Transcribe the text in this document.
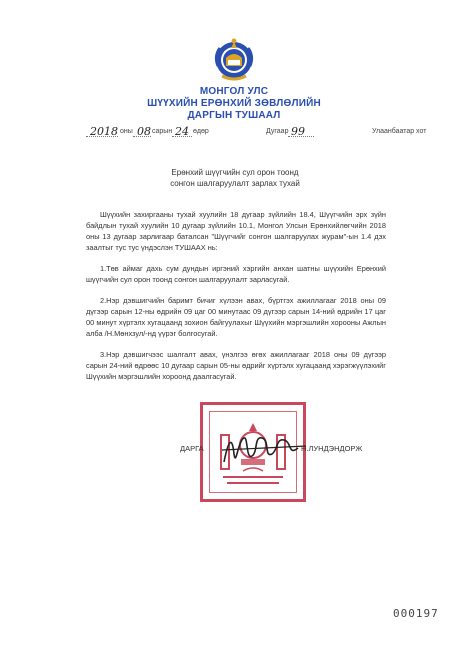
МОНГОЛ УЛС
ШҮҮХИЙН ЕРӨНХИЙ ЗӨВЛӨЛИЙН
ДАРГЫН ТУШААЛ
2018 оны 08 сарын 24 өдөр	Дугаар 99	Улаанбаатар хот
Ерөнхий шүүгчийн сул орон тоонд
сонгон шалгаруулалт зарлах тухай

Шүүхийн захиргааны тухай хуулийн 18 дугаар зүйлийн 18.4, Шүүгчийн эрх зүйн байдлын тухай хуулийн 10 дугаар зүйлийн 10.1, Монгол Улсын Ерөнхийлөгчийн 2018 оны 13 дугаар зарлигаар баталсан "Шүүгчийг сонгон шалгаруулах журам"-ын 1.4 дэх заалтыг тус тус үндэслэн ТУШААХ нь:

1.Төв аймаг дахь сум дундын иргэний хэргийн анхан шатны шүүхийн Ерөнхий шүүгчийн сул орон тоонд сонгон шалгаруулалт зарласугай.

2.Нэр дэвшигчийн баримт бичиг хүлээн авах, бүртгэх ажиллагааг 2018 оны 09 дүгээр сарын 12-ны өдрийн 09 цаг 00 минутаас 09 дүгээр сарын 14-ний өдрийн 17 цаг 00 минут хүртэлх хугацаанд зохион байгуулахыг Шүүхийн мэргэшлийн хорооны Ажлын алба /Н.Мөнхзул/-нд үүрэг болгосугай.

3.Нэр дэвшигчээс шалгалт авах, үнэлгээ өгөх ажиллагааг 2018 оны 09 дүгээр сарын 24-ний өдрөөс 10 дугаар сарын 05-ны өдрийг хүртэлх хугацаанд хэрэгжүүлэхийг Шүүхийн мэргэшлийн хороонд даалгасугай.

ДАРГА	Н.ЛУНДЭНДОРЖ
000197
